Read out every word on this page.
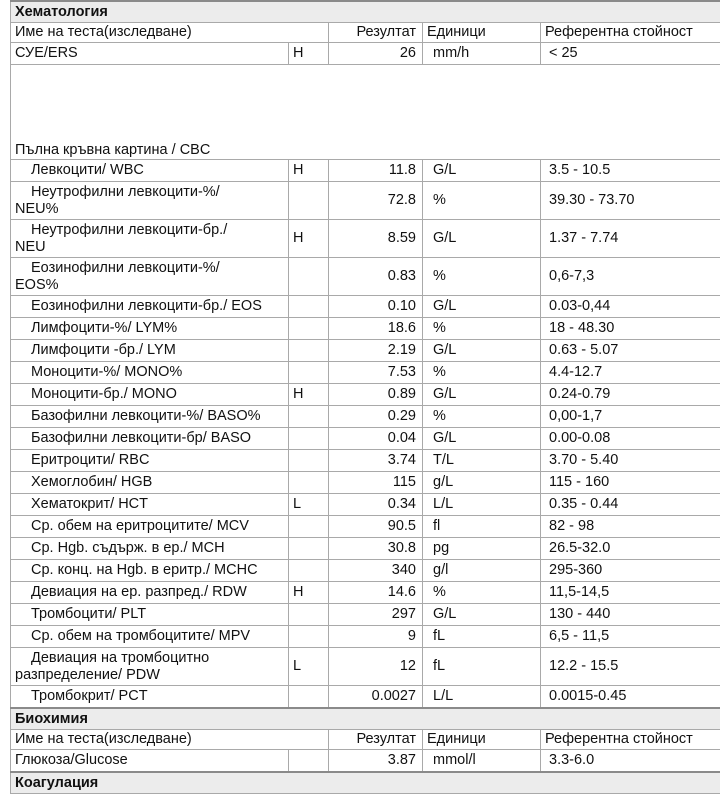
Хематология				
Име на теста(изследване)		Резултат	Единици	Референтна стойност
СУЕ/ERS	H	26	mm/h	< 25

Пълна кръвна картина / CBC				
Левкоцити/ WBC	H	11.8	G/L	3.5 - 10.5

Неутрофилни левкоцити-%/
NEU%		72.8	%	39.30 - 73.70

Неутрофилни левкоцити-бр./
NEU	H	8.59	G/L	1.37 - 7.74

Еозинофилни левкоцити-%/
EOS%		0.83	%	0,6-7,3
Еозинофилни левкоцити-бр./ EOS		0.10	G/L	0.03-0,44
Лимфоцити-%/ LYM%		18.6	%	18 - 48.30
Лимфоцити -бр./ LYM		2.19	G/L	0.63 - 5.07
Моноцити-%/ MONO%		7.53	%	4.4-12.7
Моноцити-бр./ MONO	H	0.89	G/L	0.24-0.79
Базофилни левкоцити-%/ BASO%		0.29	%	0,00-1,7
Базофилни левкоцити-бр/ BASO		0.04	G/L	0.00-0.08
Еритроцити/ RBC		3.74	T/L	3.70 - 5.40
Хемоглобин/ HGB		115	g/L	115 - 160
Хематокрит/ HCT	L	0.34	L/L	0.35 - 0.44
Ср. обем на еритроцитите/ MCV		90.5	fl	82 - 98
Ср. Hgb. съдърж. в ер./ MCH		30.8	pg	26.5-32.0
Ср. конц. на Hgb. в еритр./ MCHC		340	g/l	295-360
Девиация на ер. разпред./ RDW	H	14.6	%	11,5-14,5
Тромбоцити/ PLT		297	G/L	130 - 440
Ср. обем на тромбоцитите/ MPV		9	fL	6,5 - 11,5

Девиация на тромбоцитно
разпределение/ PDW	L	12	fL	12.2 - 15.5
Тромбокрит/ PCT		0.0027	L/L	0.0015-0.45
Биохимия				
Име на теста(изследване)		Резултат	Единици	Референтна стойност
Глюкоза/Glucose		3.87	mmol/l	3.3-6.0
Коагулация				
